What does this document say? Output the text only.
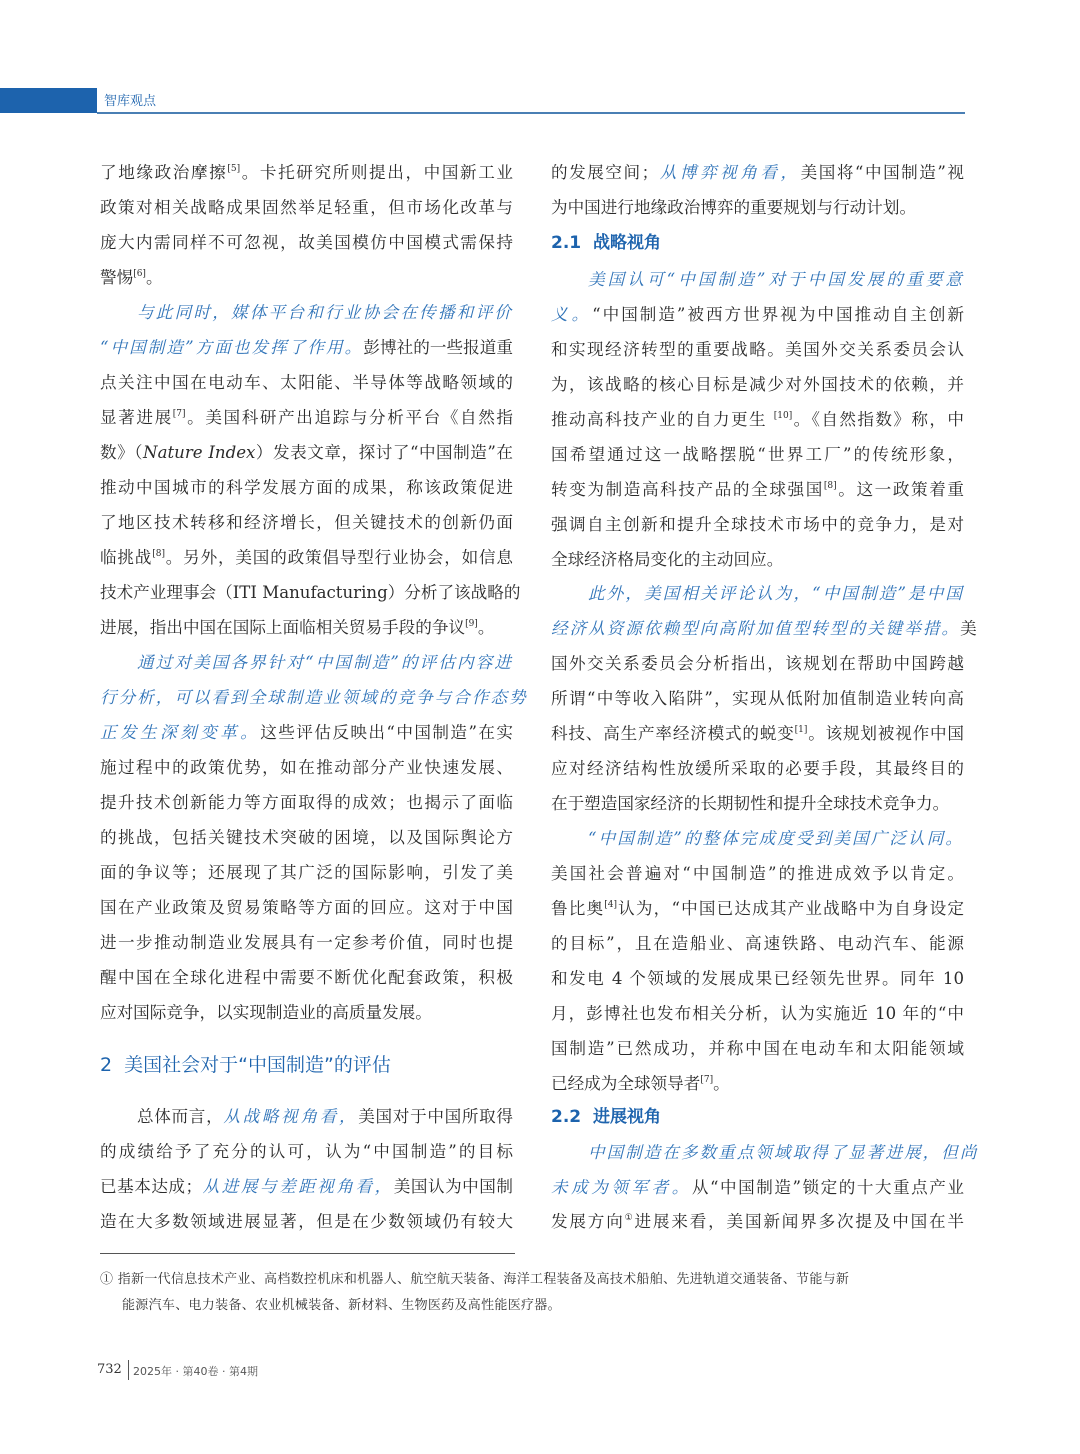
智库观点
了地缘政治摩擦[5]。卡托研究所则提出，中国新工业
政策对相关战略成果固然举足轻重，但市场化改革与
庞大内需同样不可忽视，故美国模仿中国模式需保持
警惕[6]。
与此同时，媒体平台和行业协会在传播和评价
“中国制造”方面也发挥了作用。彭博社的一些报道重
点关注中国在电动车、太阳能、半导体等战略领域的
显著进展[7]。美国科研产出追踪与分析平台《自然指
数》（Nature Index）发表文章，探讨了“中国制造”在
推动中国城市的科学发展方面的成果，称该政策促进
了地区技术转移和经济增长，但关键技术的创新仍面
临挑战[8]。另外，美国的政策倡导型行业协会，如信息
技术产业理事会（ITI Manufacturing）分析了该战略的
进展，指出中国在国际上面临相关贸易手段的争议[9]。
通过对美国各界针对“中国制造”的评估内容进
行分析，可以看到全球制造业领域的竞争与合作态势
正发生深刻变革。这些评估反映出“中国制造”在实
施过程中的政策优势，如在推动部分产业快速发展、
提升技术创新能力等方面取得的成效；也揭示了面临
的挑战，包括关键技术突破的困境，以及国际舆论方
面的争议等；还展现了其广泛的国际影响，引发了美
国在产业政策及贸易策略等方面的回应。这对于中国
进一步推动制造业发展具有一定参考价值，同时也提
醒中国在全球化进程中需要不断优化配套政策，积极
应对国际竞争，以实现制造业的高质量发展。
2  美国社会对于“中国制造”的评估
总体而言，从战略视角看，美国对于中国所取得
的成绩给予了充分的认可，认为“中国制造”的目标
已基本达成；从进展与差距视角看，美国认为中国制
造在大多数领域进展显著，但是在少数领域仍有较大
的发展空间；从博弈视角看，美国将“中国制造”视
为中国进行地缘政治博弈的重要规划与行动计划。
2.1  战略视角
美国认可“中国制造”对于中国发展的重要意
义。“中国制造”被西方世界视为中国推动自主创新
和实现经济转型的重要战略。美国外交关系委员会认
为，该战略的核心目标是减少对外国技术的依赖，并
推动高科技产业的自力更生 [10]。《自然指数》称，中
国希望通过这一战略摆脱“世界工厂”的传统形象，
转变为制造高科技产品的全球强国[8]。这一政策着重
强调自主创新和提升全球技术市场中的竞争力，是对
全球经济格局变化的主动回应。
此外，美国相关评论认为，“中国制造”是中国
经济从资源依赖型向高附加值型转型的关键举措。美
国外交关系委员会分析指出，该规划在帮助中国跨越
所谓“中等收入陷阱”，实现从低附加值制造业转向高
科技、高生产率经济模式的蜕变[1]。该规划被视作中国
应对经济结构性放缓所采取的必要手段，其最终目的
在于塑造国家经济的长期韧性和提升全球技术竞争力。
“中国制造”的整体完成度受到美国广泛认同。
美国社会普遍对“中国制造”的推进成效予以肯定。
鲁比奥[4]认为，“中国已达成其产业战略中为自身设定
的目标”，且在造船业、高速铁路、电动汽车、能源
和发电 4 个领域的发展成果已经领先世界。同年 10
月，彭博社也发布相关分析，认为实施近 10 年的“中
国制造”已然成功，并称中国在电动车和太阳能领域
已经成为全球领导者[7]。
2.2  进展视角
中国制造在多数重点领域取得了显著进展，但尚
未成为领军者。从“中国制造”锁定的十大重点产业
发展方向①进展来看，美国新闻界多次提及中国在半
① 指新一代信息技术产业、高档数控机床和机器人、航空航天装备、海洋工程装备及高技术船舶、先进轨道交通装备、节能与新
能源汽车、电力装备、农业机械装备、新材料、生物医药及高性能医疗器。
732 2025年 · 第40卷 · 第4期
